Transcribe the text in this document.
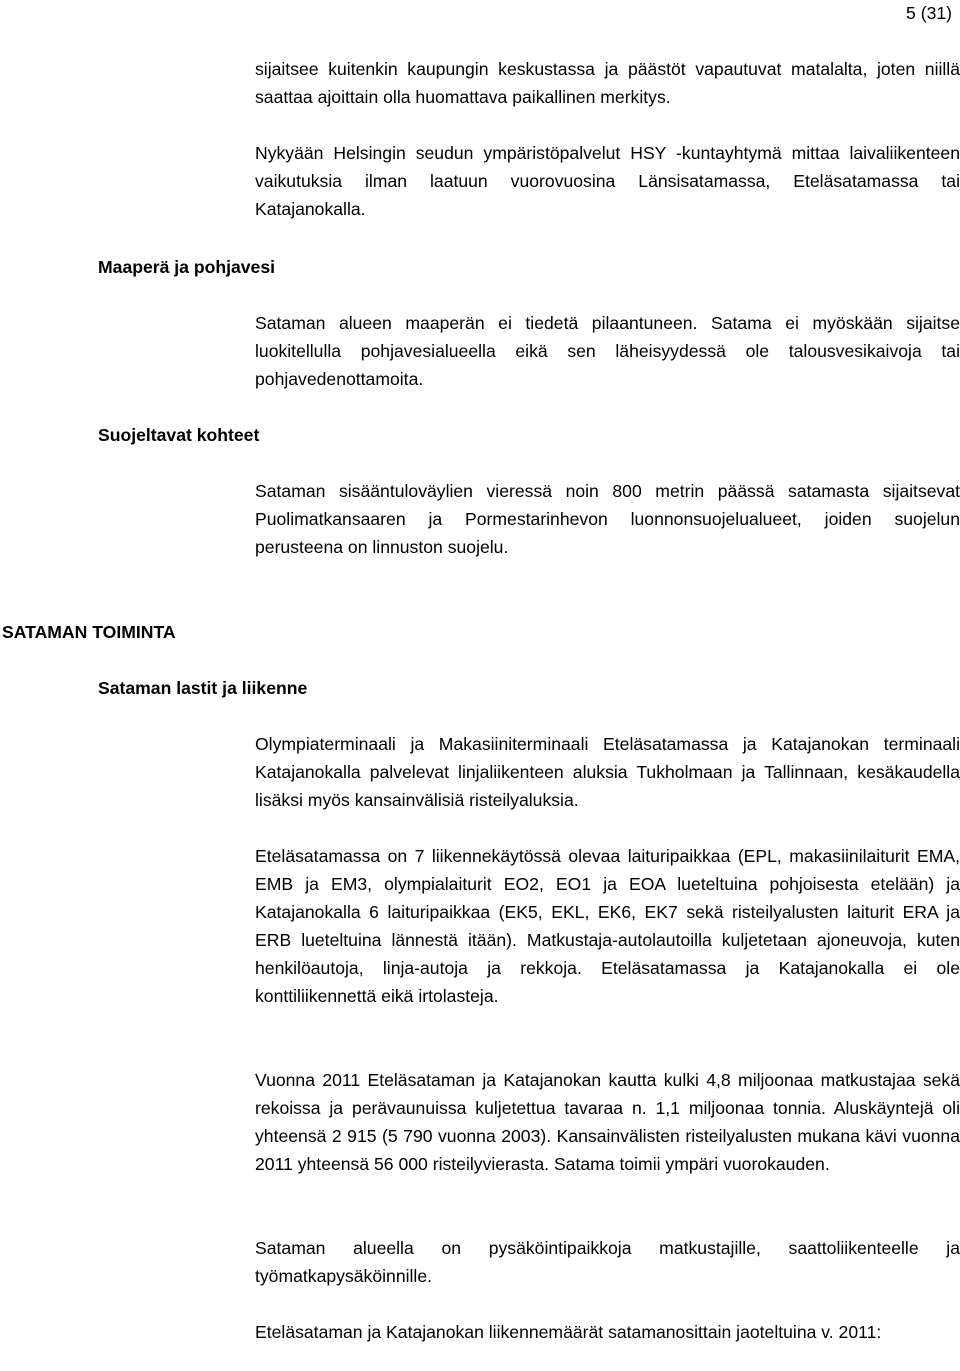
5 (31)

sijaitsee kuitenkin kaupungin keskustassa ja päästöt vapautuvat matalalta, joten niillä saattaa ajoittain olla huomattava paikallinen merkitys.

Nykyään Helsingin seudun ympäristöpalvelut HSY -kuntayhtymä mittaa laivaliikenteen vaikutuksia ilman laatuun vuorovuosina Länsisatamassa, Eteläsatamassa tai Katajanokalla.

Maaperä ja pohjavesi

Sataman alueen maaperän ei tiedetä pilaantuneen. Satama ei myöskään sijaitse luokitellulla pohjavesialueella eikä sen läheisyydessä ole talousvesikaivoja tai pohjavedenottamoita.

Suojeltavat kohteet

Sataman sisääntuloväylien vieressä noin 800 metrin päässä satamasta sijaitsevat Puolimatkansaaren ja Pormestarinhevon luonnonsuojelualueet, joiden suojelun perusteena on linnuston suojelu.

SATAMAN TOIMINTA
Sataman lastit ja liikenne

Olympiaterminaali ja Makasiiniterminaali Eteläsatamassa ja Katajanokan terminaali Katajanokalla palvelevat linjaliikenteen aluksia Tukholmaan ja Tallinnaan, kesäkaudella lisäksi myös kansainvälisiä risteilyaluksia.

Eteläsatamassa on 7 liikennekäytössä olevaa laituripaikkaa (EPL, makasiinilaiturit EMA, EMB ja EM3, olympialaiturit EO2, EO1 ja EOA lueteltuina pohjoisesta etelään) ja Katajanokalla 6 laituripaikkaa (EK5, EKL, EK6, EK7 sekä risteilyalusten laiturit ERA ja ERB lueteltuina lännestä itään). Matkustaja-autolautoilla kuljetetaan ajoneuvoja, kuten henkilöautoja, linja-autoja ja rekkoja. Eteläsatamassa ja Katajanokalla ei ole konttiliikennettä eikä irtolasteja.

Vuonna 2011 Eteläsataman ja Katajanokan kautta kulki 4,8 miljoonaa matkustajaa sekä rekoissa ja perävaunuissa kuljetettua tavaraa n. 1,1 miljoonaa tonnia. Aluskäyntejä oli yhteensä 2 915 (5 790 vuonna 2003). Kansainvälisten risteilyalusten mukana kävi vuonna 2011 yhteensä 56 000 risteilyvierasta. Satama toimii ympäri vuorokauden.

Sataman alueella on pysäköintipaikkoja matkustajille, saattoliikenteelle ja työmatkapysäköinnille.

Eteläsataman ja Katajanokan liikennemäärät satamanosittain jaoteltuina v. 2011:
